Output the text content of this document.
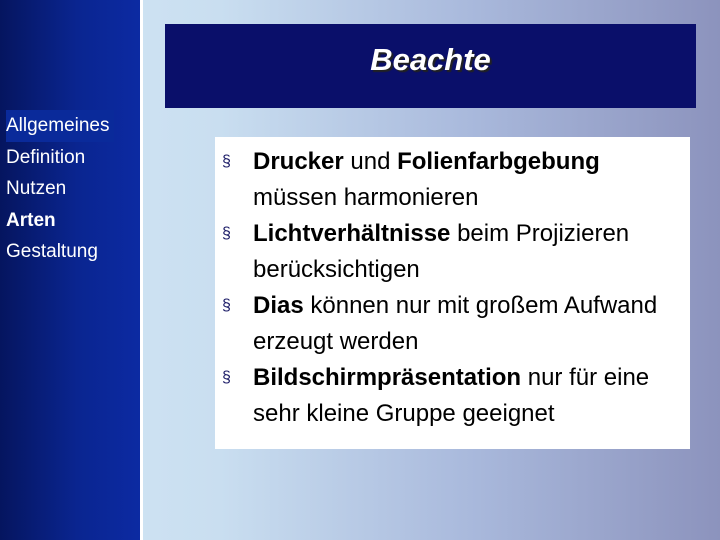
Allgemeines
Definition
Nutzen
Arten
Gestaltung
Beachte
§ Drucker und Folienfarbgebung müssen harmonieren
§ Lichtverhältnisse beim Projizieren berücksichtigen
§ Dias können nur mit großem Aufwand erzeugt werden
§ Bildschirmpräsentation nur für eine sehr kleine Gruppe geeignet
